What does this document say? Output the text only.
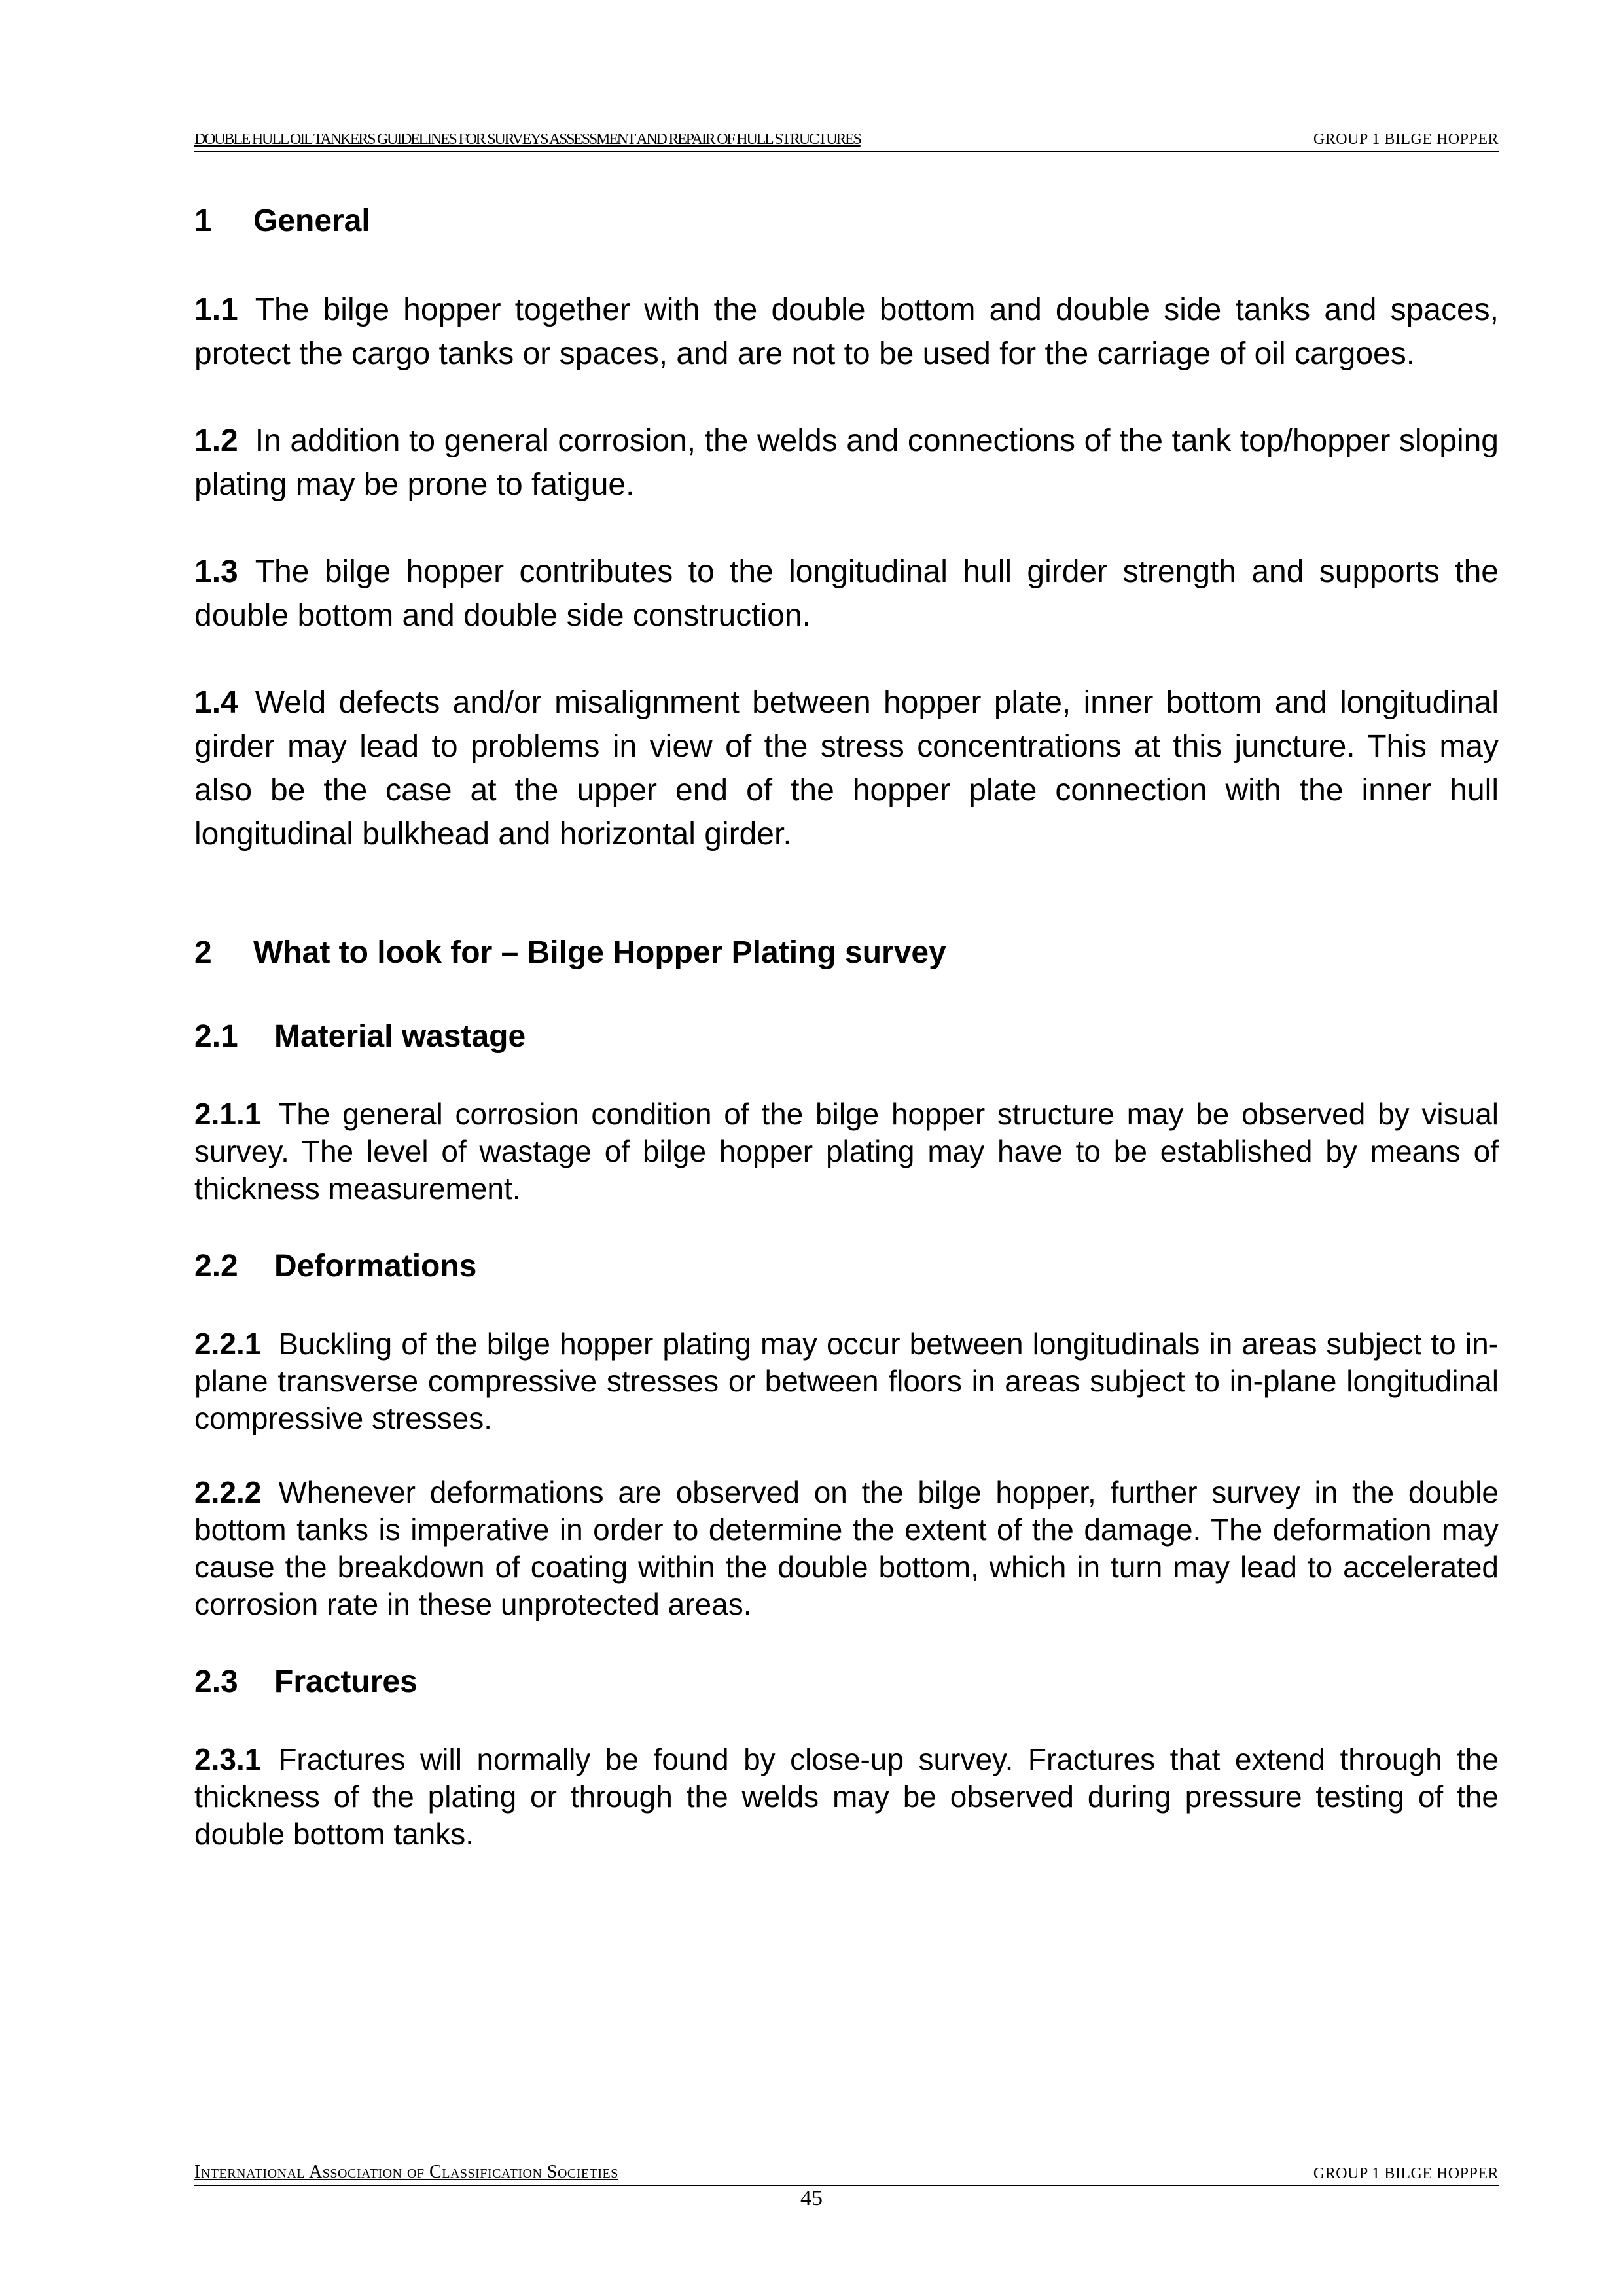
DOUBLE HULL OIL TANKERS GUIDELINES FOR SURVEYS ASSESSMENT AND REPAIR OF HULL STRUCTURES	GROUP 1 BILGE HOPPER
1 General

1.1 The bilge hopper together with the double bottom and double side tanks and spaces, protect the cargo tanks or spaces, and are not to be used for the carriage of oil cargoes.

1.2 In addition to general corrosion, the welds and connections of the tank top/hopper sloping plating may be prone to fatigue.

1.3 The bilge hopper contributes to the longitudinal hull girder strength and supports the double bottom and double side construction.

1.4 Weld defects and/or misalignment between hopper plate, inner bottom and longitudinal girder may lead to problems in view of the stress concentrations at this juncture. This may also be the case at the upper end of the hopper plate connection with the inner hull longitudinal bulkhead and horizontal girder.

2 What to look for – Bilge Hopper Plating survey
2.1 Material wastage

2.1.1 The general corrosion condition of the bilge hopper structure may be observed by visual survey. The level of wastage of bilge hopper plating may have to be established by means of thickness measurement.

2.2 Deformations

2.2.1 Buckling of the bilge hopper plating may occur between longitudinals in areas subject to in-plane transverse compressive stresses or between floors in areas subject to in-plane longitudinal compressive stresses.

2.2.2 Whenever deformations are observed on the bilge hopper, further survey in the double bottom tanks is imperative in order to determine the extent of the damage. The deformation may cause the breakdown of coating within the double bottom, which in turn may lead to accelerated corrosion rate in these unprotected areas.

2.3 Fractures

2.3.1 Fractures will normally be found by close-up survey. Fractures that extend through the thickness of the plating or through the welds may be observed during pressure testing of the double bottom tanks.

International Association of Classification Societies	GROUP 1 BILGE HOPPER
45
